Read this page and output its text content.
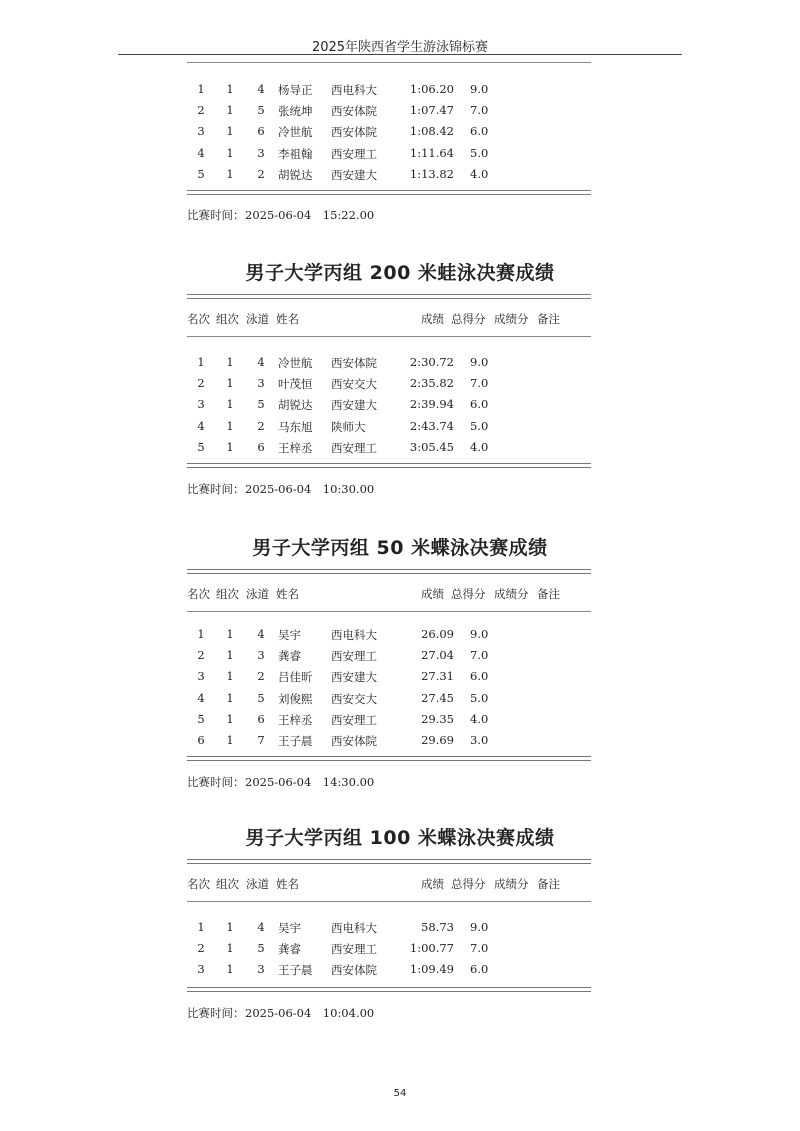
2025年陕西省学生游泳锦标赛
1	1	4	杨导正 西电科大	1:06.20 9.0
2	1	5	张统坤 西安体院	1:07.47 7.0
3	1	6	冷世航 西安体院	1:08.42 6.0
4	1	3	李祖翰 西安理工	1:11.64 5.0
5	1	2	胡锐达 西安建大	1:13.82 4.0
比赛时间： 2025-06-04　15:22.00
男子大学丙组 200 米蛙泳决赛成绩
名次 组次 泳道 姓名	成绩 总得分 成绩分 备注
1	1	4	冷世航 西安体院	2:30.72 9.0
2	1	3	叶茂恒 西安交大	2:35.82 7.0
3	1	5	胡锐达 西安建大	2:39.94 6.0
4	1	2	马东旭 陕师大	2:43.74 5.0
5	1	6	王梓丞 西安理工	3:05.45 4.0
比赛时间： 2025-06-04　10:30.00
男子大学丙组 50 米蝶泳决赛成绩
名次 组次 泳道 姓名	成绩 总得分 成绩分 备注
1	1	4	吴宇	西电科大	26.09 9.0
2	1	3	龚睿	西安理工	27.04 7.0
3	1	2	吕佳昕 西安建大	27.31 6.0
4	1	5	刘俊熙 西安交大	27.45 5.0
5	1	6	王梓丞 西安理工	29.35 4.0
6	1	7	王子晨 西安体院	29.69 3.0
比赛时间： 2025-06-04　14:30.00
男子大学丙组 100 米蝶泳决赛成绩
名次 组次 泳道 姓名	成绩 总得分 成绩分 备注
1	1	4	吴宇	西电科大	58.73 9.0
2	1	5	龚睿	西安理工	1:00.77 7.0
3	1	3	王子晨 西安体院	1:09.49 6.0
比赛时间： 2025-06-04　10:04.00
54
